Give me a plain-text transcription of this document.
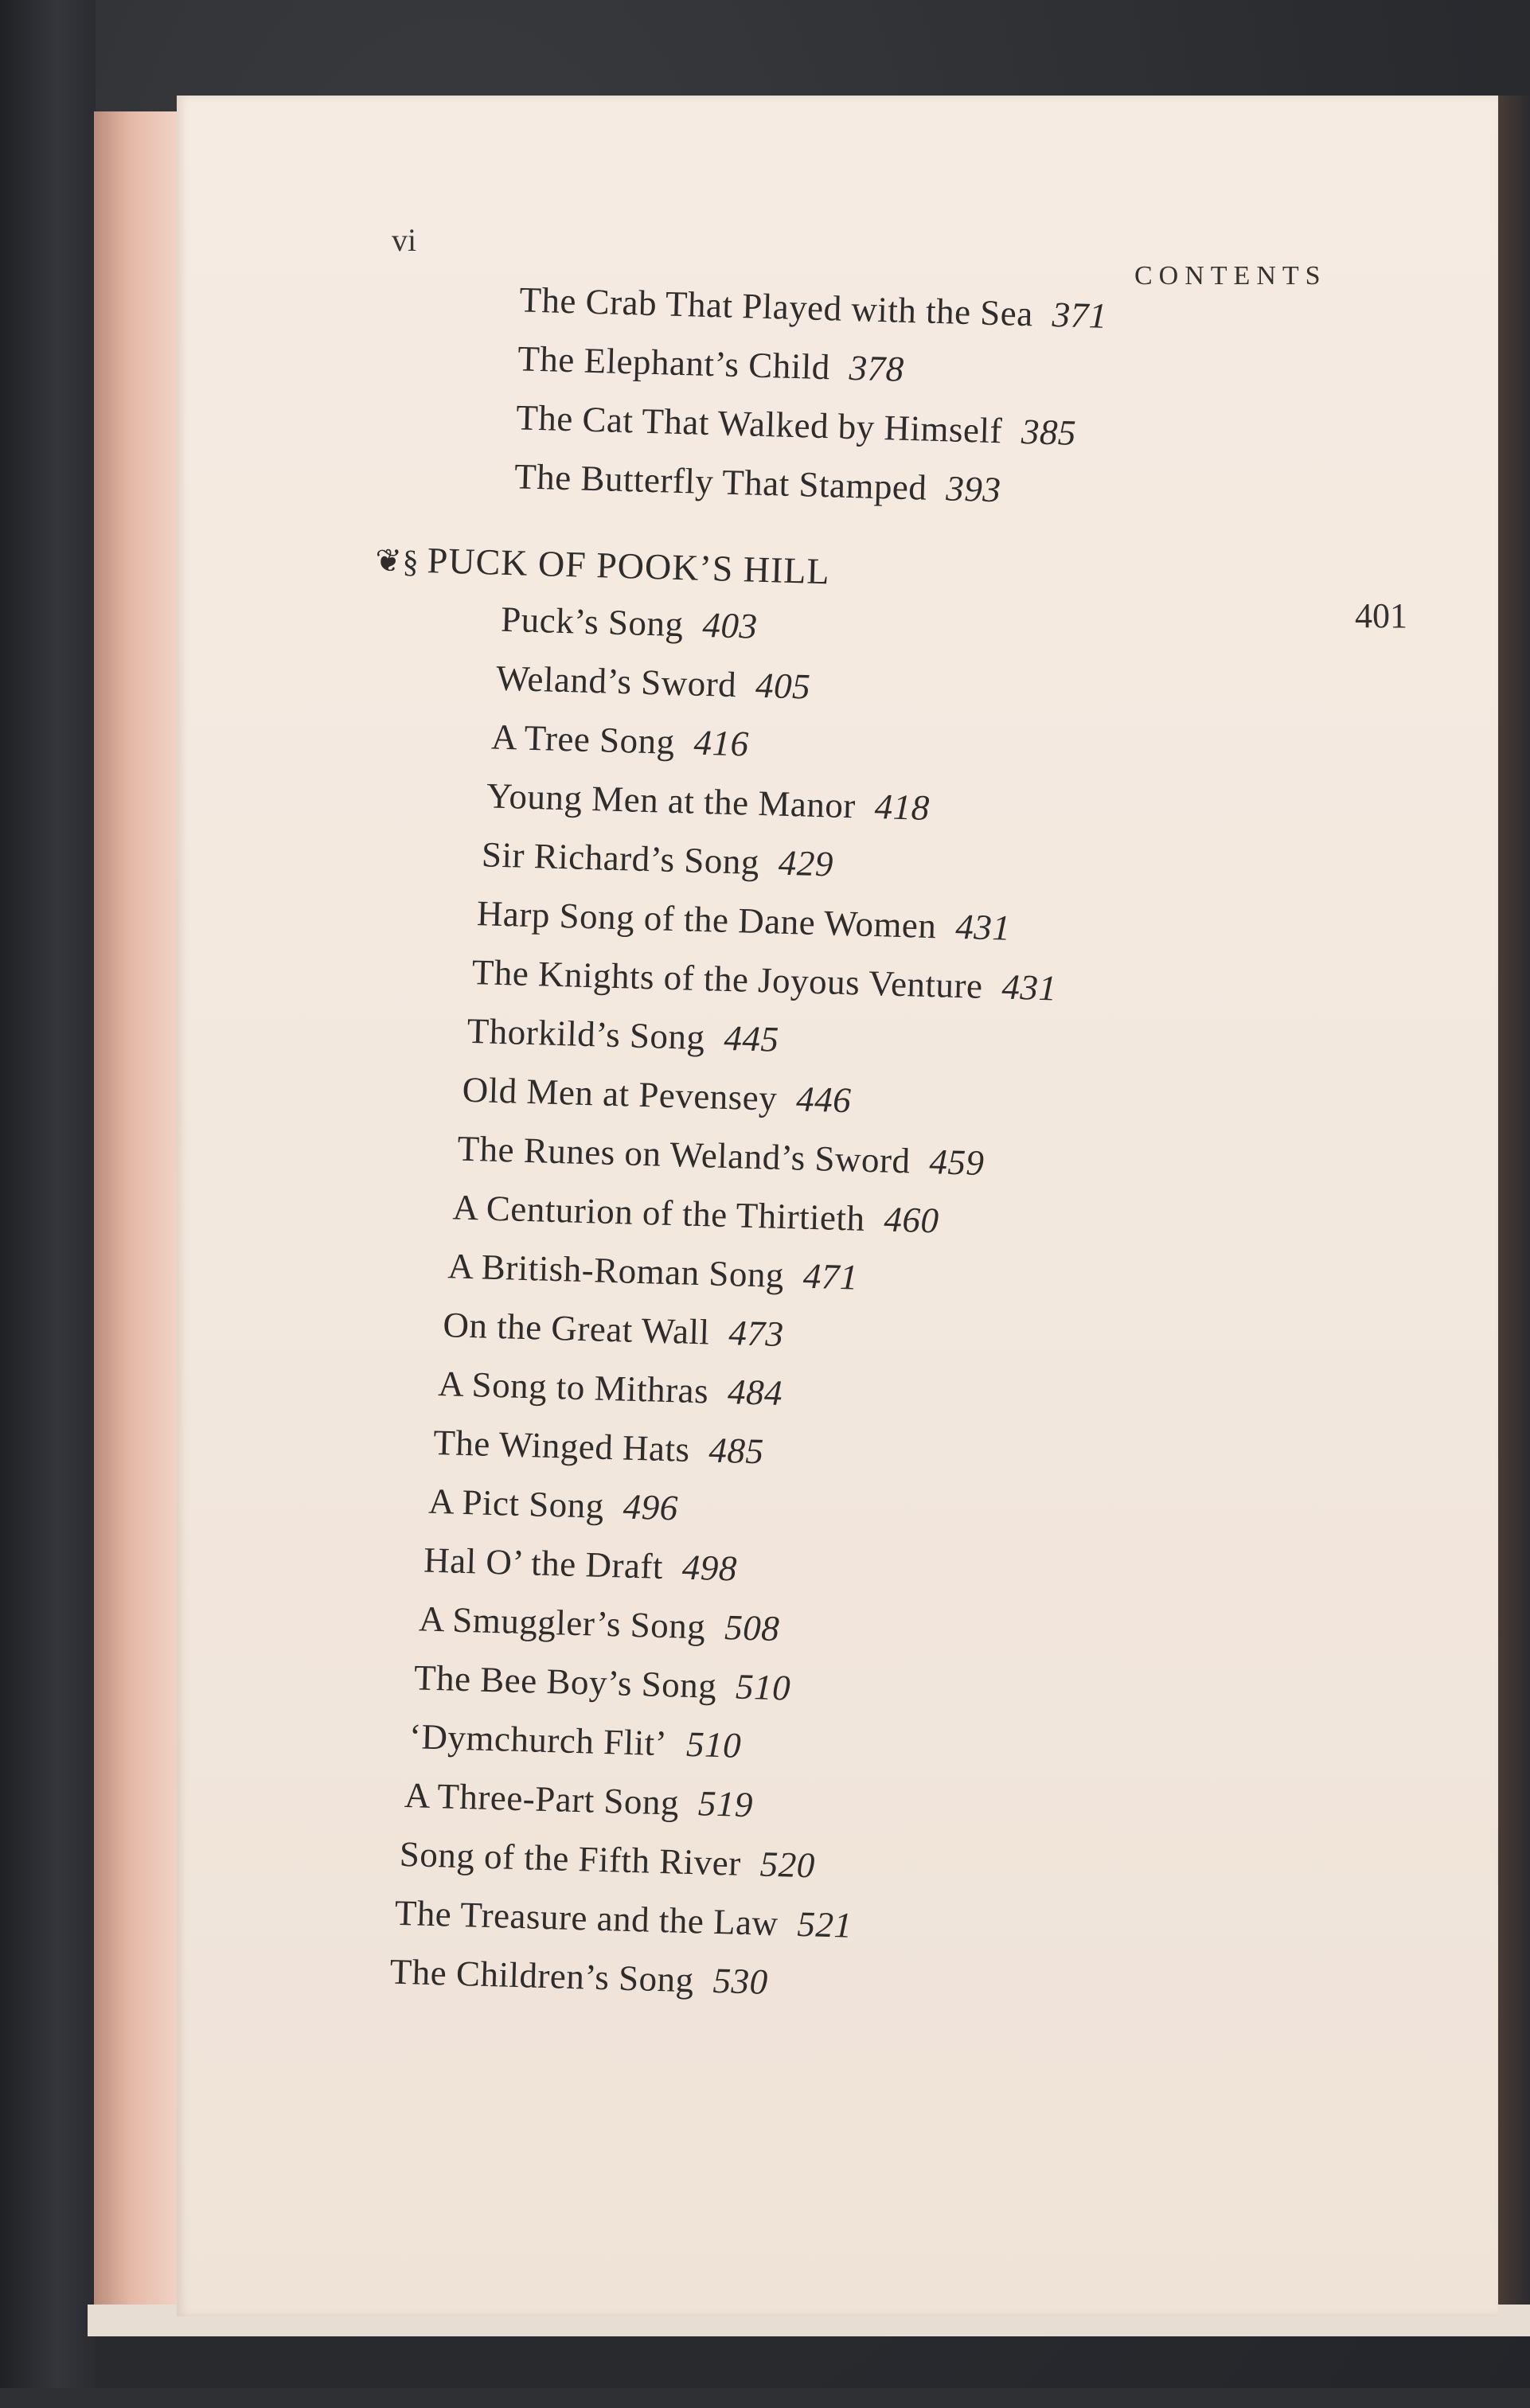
vi
CONTENTS
401
The Crab That Played with the Sea 371
The Elephant’s Child 378
The Cat That Walked by Himself 385
The Butterfly That Stamped 393
❦§ PUCK OF POOK’S HILL
Puck’s Song 403
Weland’s Sword 405
A Tree Song 416
Young Men at the Manor 418
Sir Richard’s Song 429
Harp Song of the Dane Women 431
The Knights of the Joyous Venture 431
Thorkild’s Song 445
Old Men at Pevensey 446
The Runes on Weland’s Sword 459
A Centurion of the Thirtieth 460
A British-Roman Song 471
On the Great Wall 473
A Song to Mithras 484
The Winged Hats 485
A Pict Song 496
Hal O’ the Draft 498
A Smuggler’s Song 508
The Bee Boy’s Song 510
‘Dymchurch Flit’ 510
A Three-Part Song 519
Song of the Fifth River 520
The Treasure and the Law 521
The Children’s Song 530
